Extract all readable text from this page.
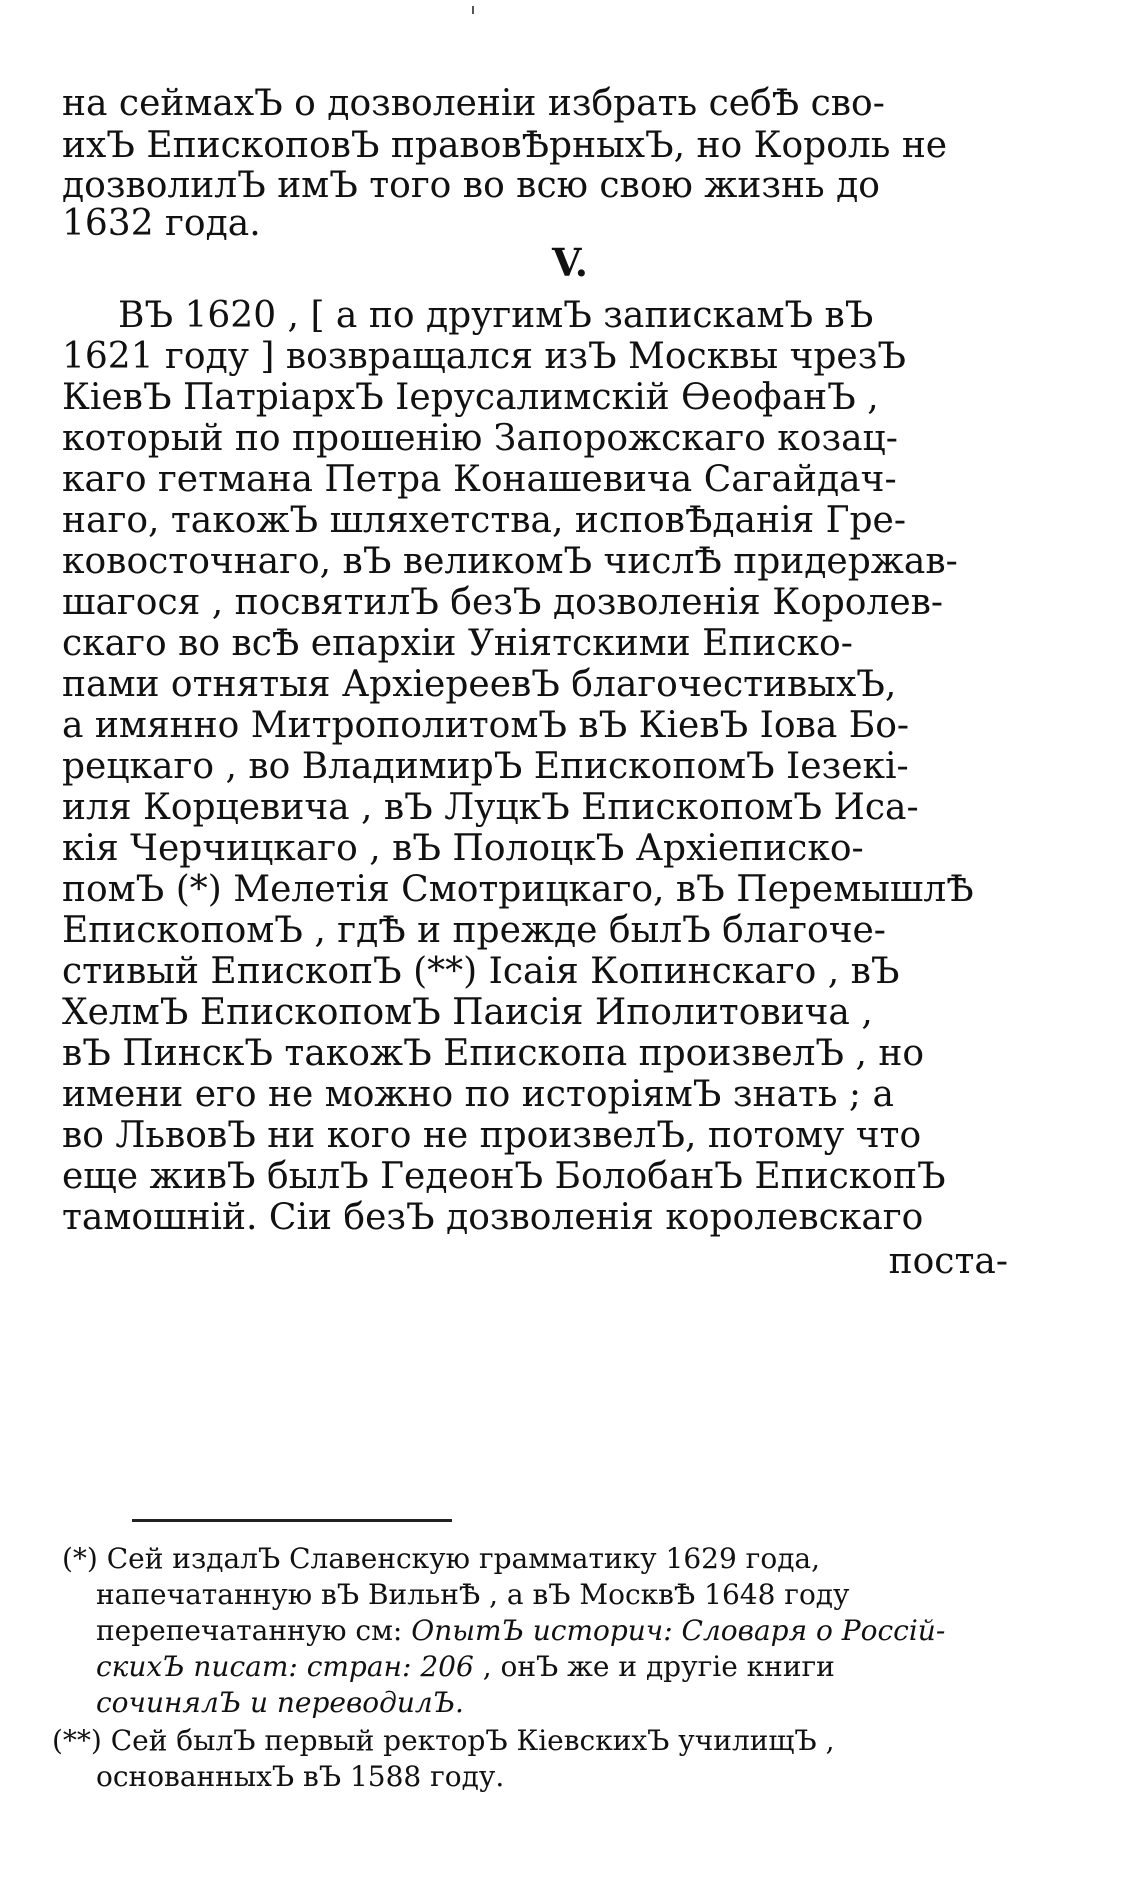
на сеймахЪ о дозволенiи избрать себѢ сво-

ихЪ ЕпископовЪ правовѢрныхЪ, но Король не

дозволилЪ имЪ того во всю свою жизнь до

1632 года.

V.

ВЪ 1620 , [ а по другимЪ запискамЪ вЪ

1621 году ] возвращался изЪ Москвы чрезЪ

КiевЪ ПатрiархЪ Iерусалимскiй ѲеофанЪ ,

который по прошенiю Запорожскаго козац-

каго гетмана Петра Конашевича Сагайдач-

наго, такожЪ шляхетства, исповѢданiя Гре-

ковосточнаго, вЪ великомЪ числѢ придержав-

шагося , посвятилЪ безЪ дозволенiя Королев-

скаго во всѢ епархiи Унiятскими Еписко-

пами отнятыя АрхiереевЪ благочестивыхЪ,

а имянно МитрополитомЪ вЪ КiевЪ Iова Бо-

рецкаго , во ВладимирЪ ЕпископомЪ Iезекi-

иля Корцевича , вЪ ЛуцкЪ ЕпископомЪ Иса-

кiя Черчицкаго , вЪ ПолоцкЪ Архiеписко-

помЪ (*) Мелетiя Смотрицкаго, вЪ ПеремышлѢ

ЕпископомЪ , гдѢ и прежде былЪ благоче-

стивый ЕпископЪ (**) Iсаiя Копинскаго , вЪ

ХелмЪ ЕпископомЪ Паисiя Иполитовича ,

вЪ ПинскЪ такожЪ Епископа произвелЪ , но

имени его не можно по исторiямЪ знать ; а

во ЛьвовЪ ни кого не произвелЪ, потому что

еще живЪ былЪ ГедеонЪ БолобанЪ ЕпископЪ

тамошнiй. Сiи безЪ дозволенiя королевскаго

поста-

(*) Сей издалЪ Славенскую грамматику 1629 года,

напечатанную вЪ ВильнѢ , а вЪ МосквѢ 1648 году

перепечатанную см: ОпытЪ историч: Словаря о Россiй-

скихЪ писат: стран: 206 , онЪ же и другiе книги

сочинялЪ и переводилЪ.

(**) Сей былЪ первый ректорЪ КiевскихЪ училищЪ ,

основанныхЪ вЪ 1588 году.
